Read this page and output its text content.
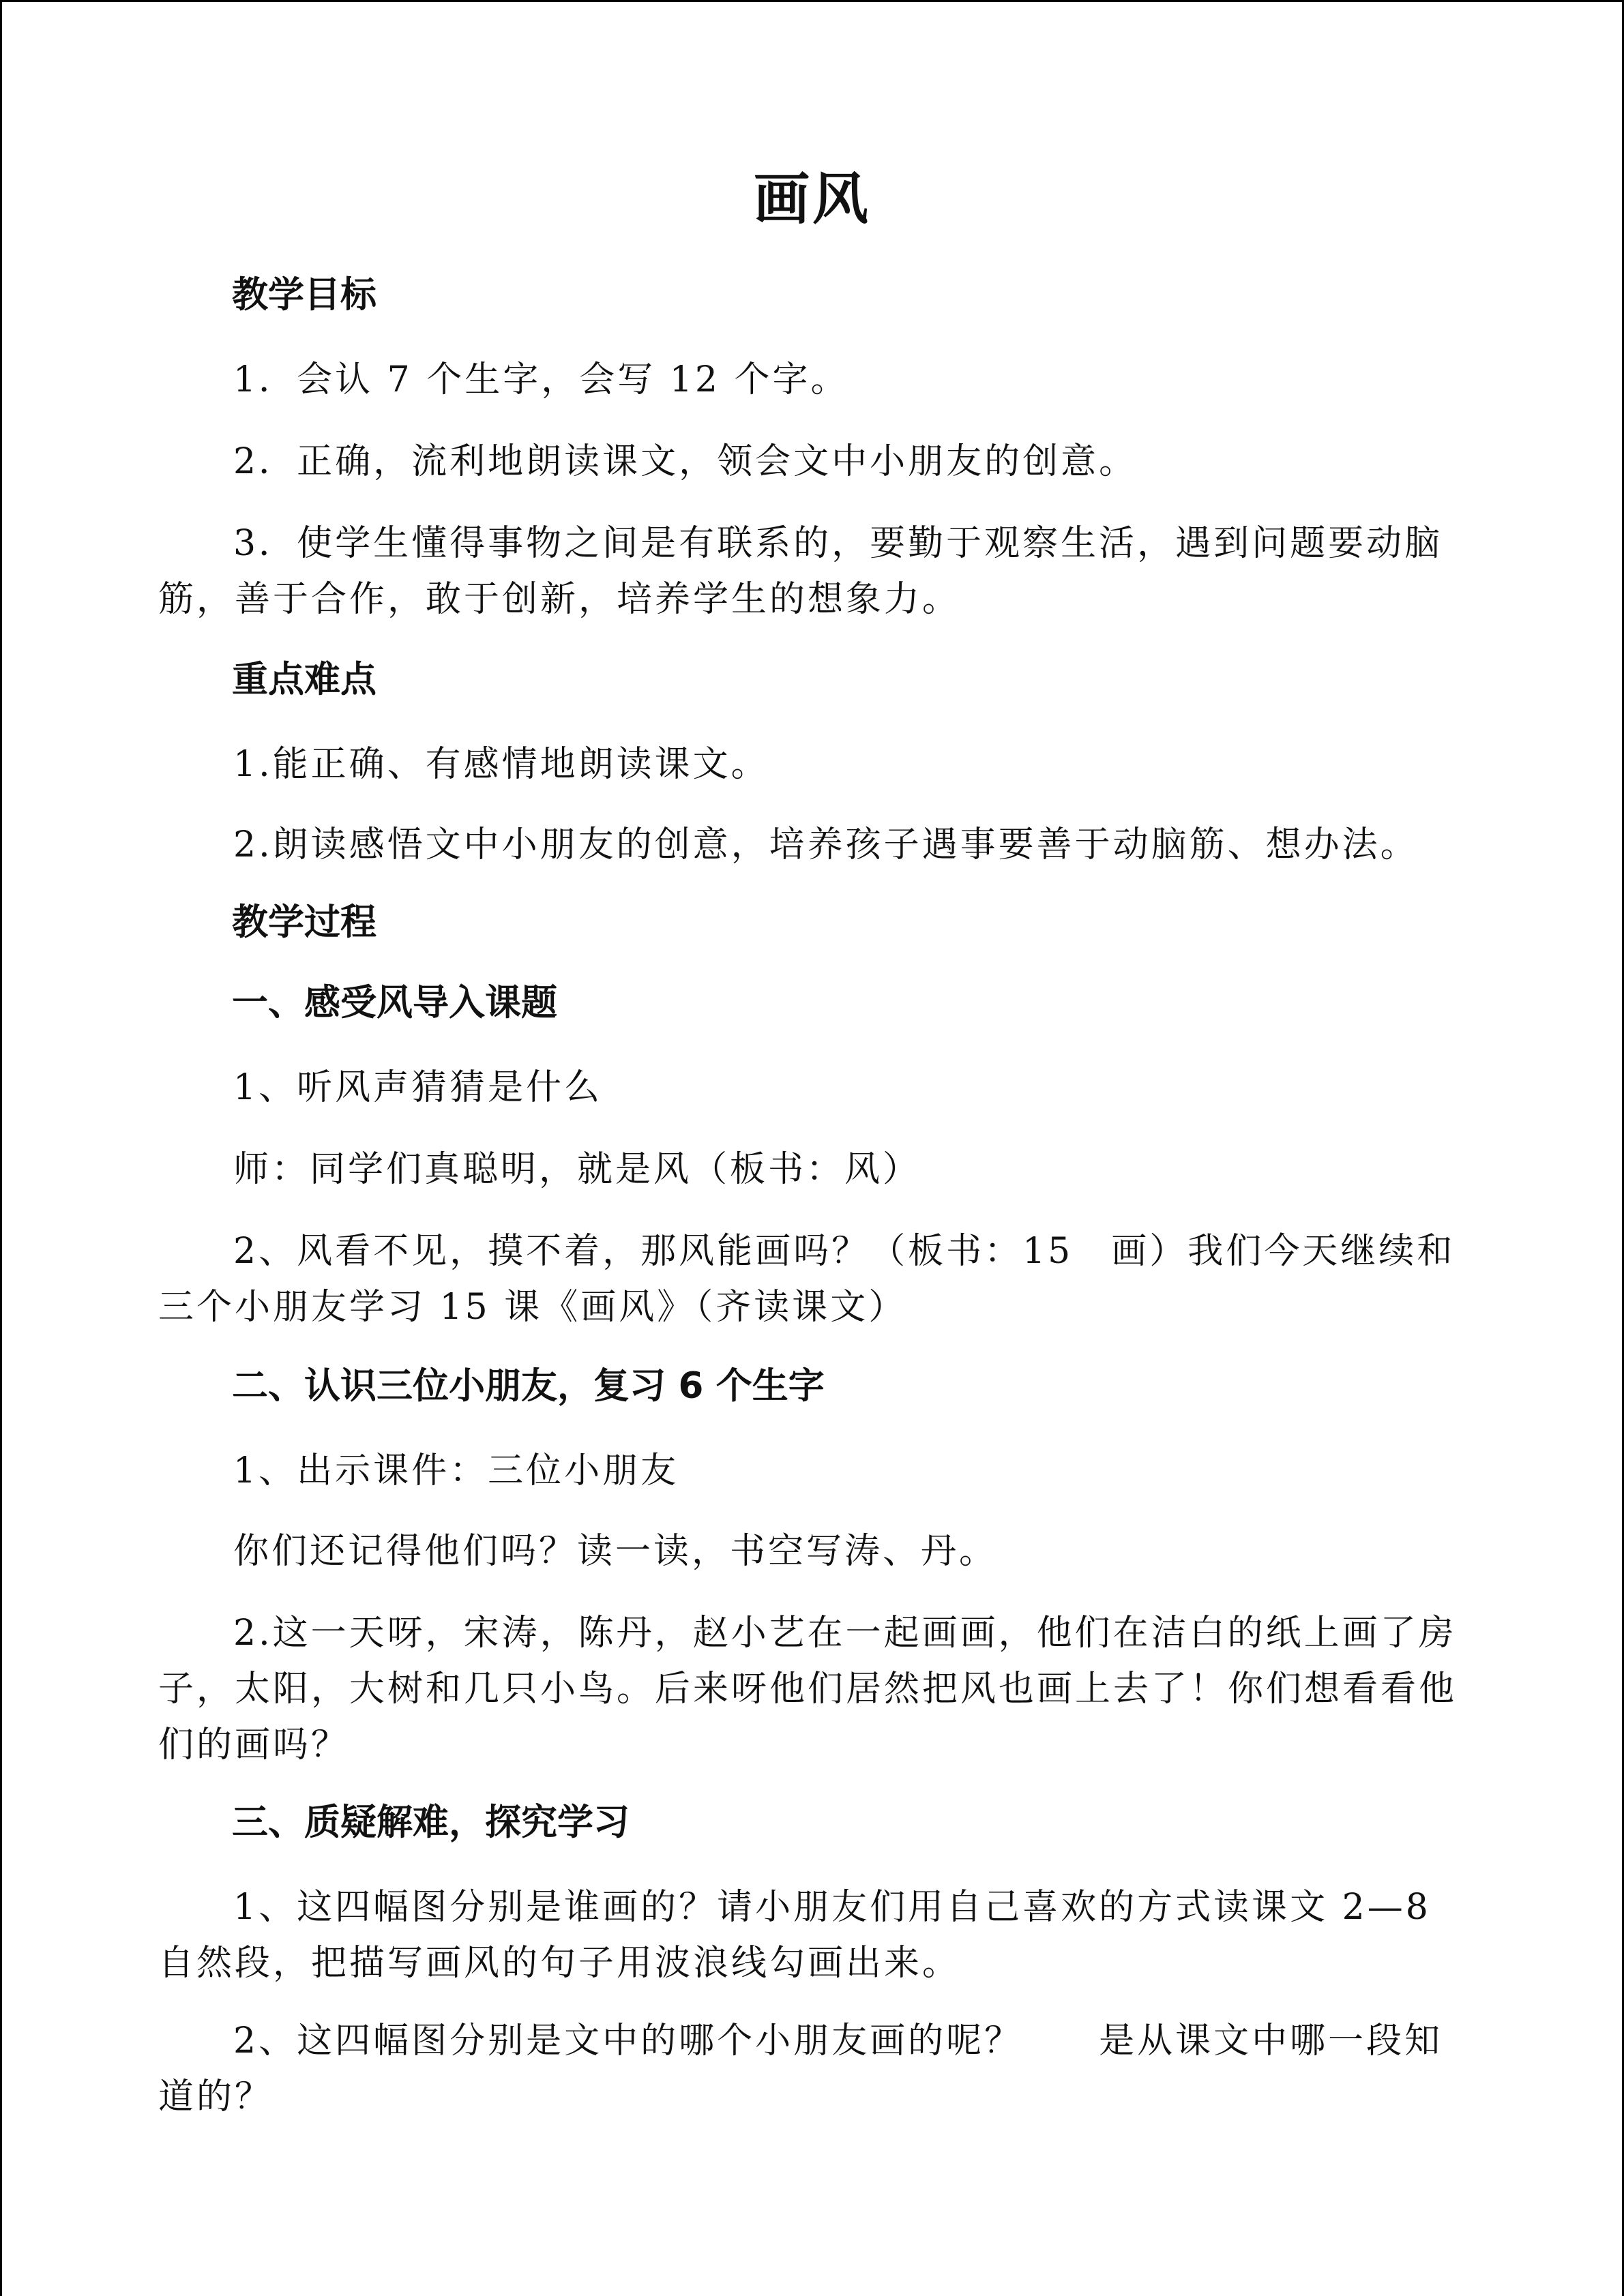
画风
教学目标
1．会认 7 个生字，会写 12 个字。
2．正确，流利地朗读课文，领会文中小朋友的创意。
3．使学生懂得事物之间是有联系的，要勤于观察生活，遇到问题要动脑筋，善于合作，敢于创新，培养学生的想象力。
重点难点
1.能正确、有感情地朗读课文。
2.朗读感悟文中小朋友的创意，培养孩子遇事要善于动脑筋、想办法。
教学过程
一、感受风导入课题
1、听风声猜猜是什么
师：同学们真聪明，就是风（板书：风）
2、风看不见，摸不着，那风能画吗？（板书：15　画）我们今天继续和三个小朋友学习 15 课《画风》（齐读课文）
二、认识三位小朋友，复习 6 个生字
1、出示课件：三位小朋友
你们还记得他们吗？读一读，书空写涛、丹。
2.这一天呀，宋涛，陈丹，赵小艺在一起画画，他们在洁白的纸上画了房子，太阳，大树和几只小鸟。后来呀他们居然把风也画上去了！你们想看看他们的画吗？
三、质疑解难，探究学习
1、这四幅图分别是谁画的？请小朋友们用自己喜欢的方式读课文 2—8 自然段，把描写画风的句子用波浪线勾画出来。
2、这四幅图分别是文中的哪个小朋友画的呢？　　是从课文中哪一段知道的？
